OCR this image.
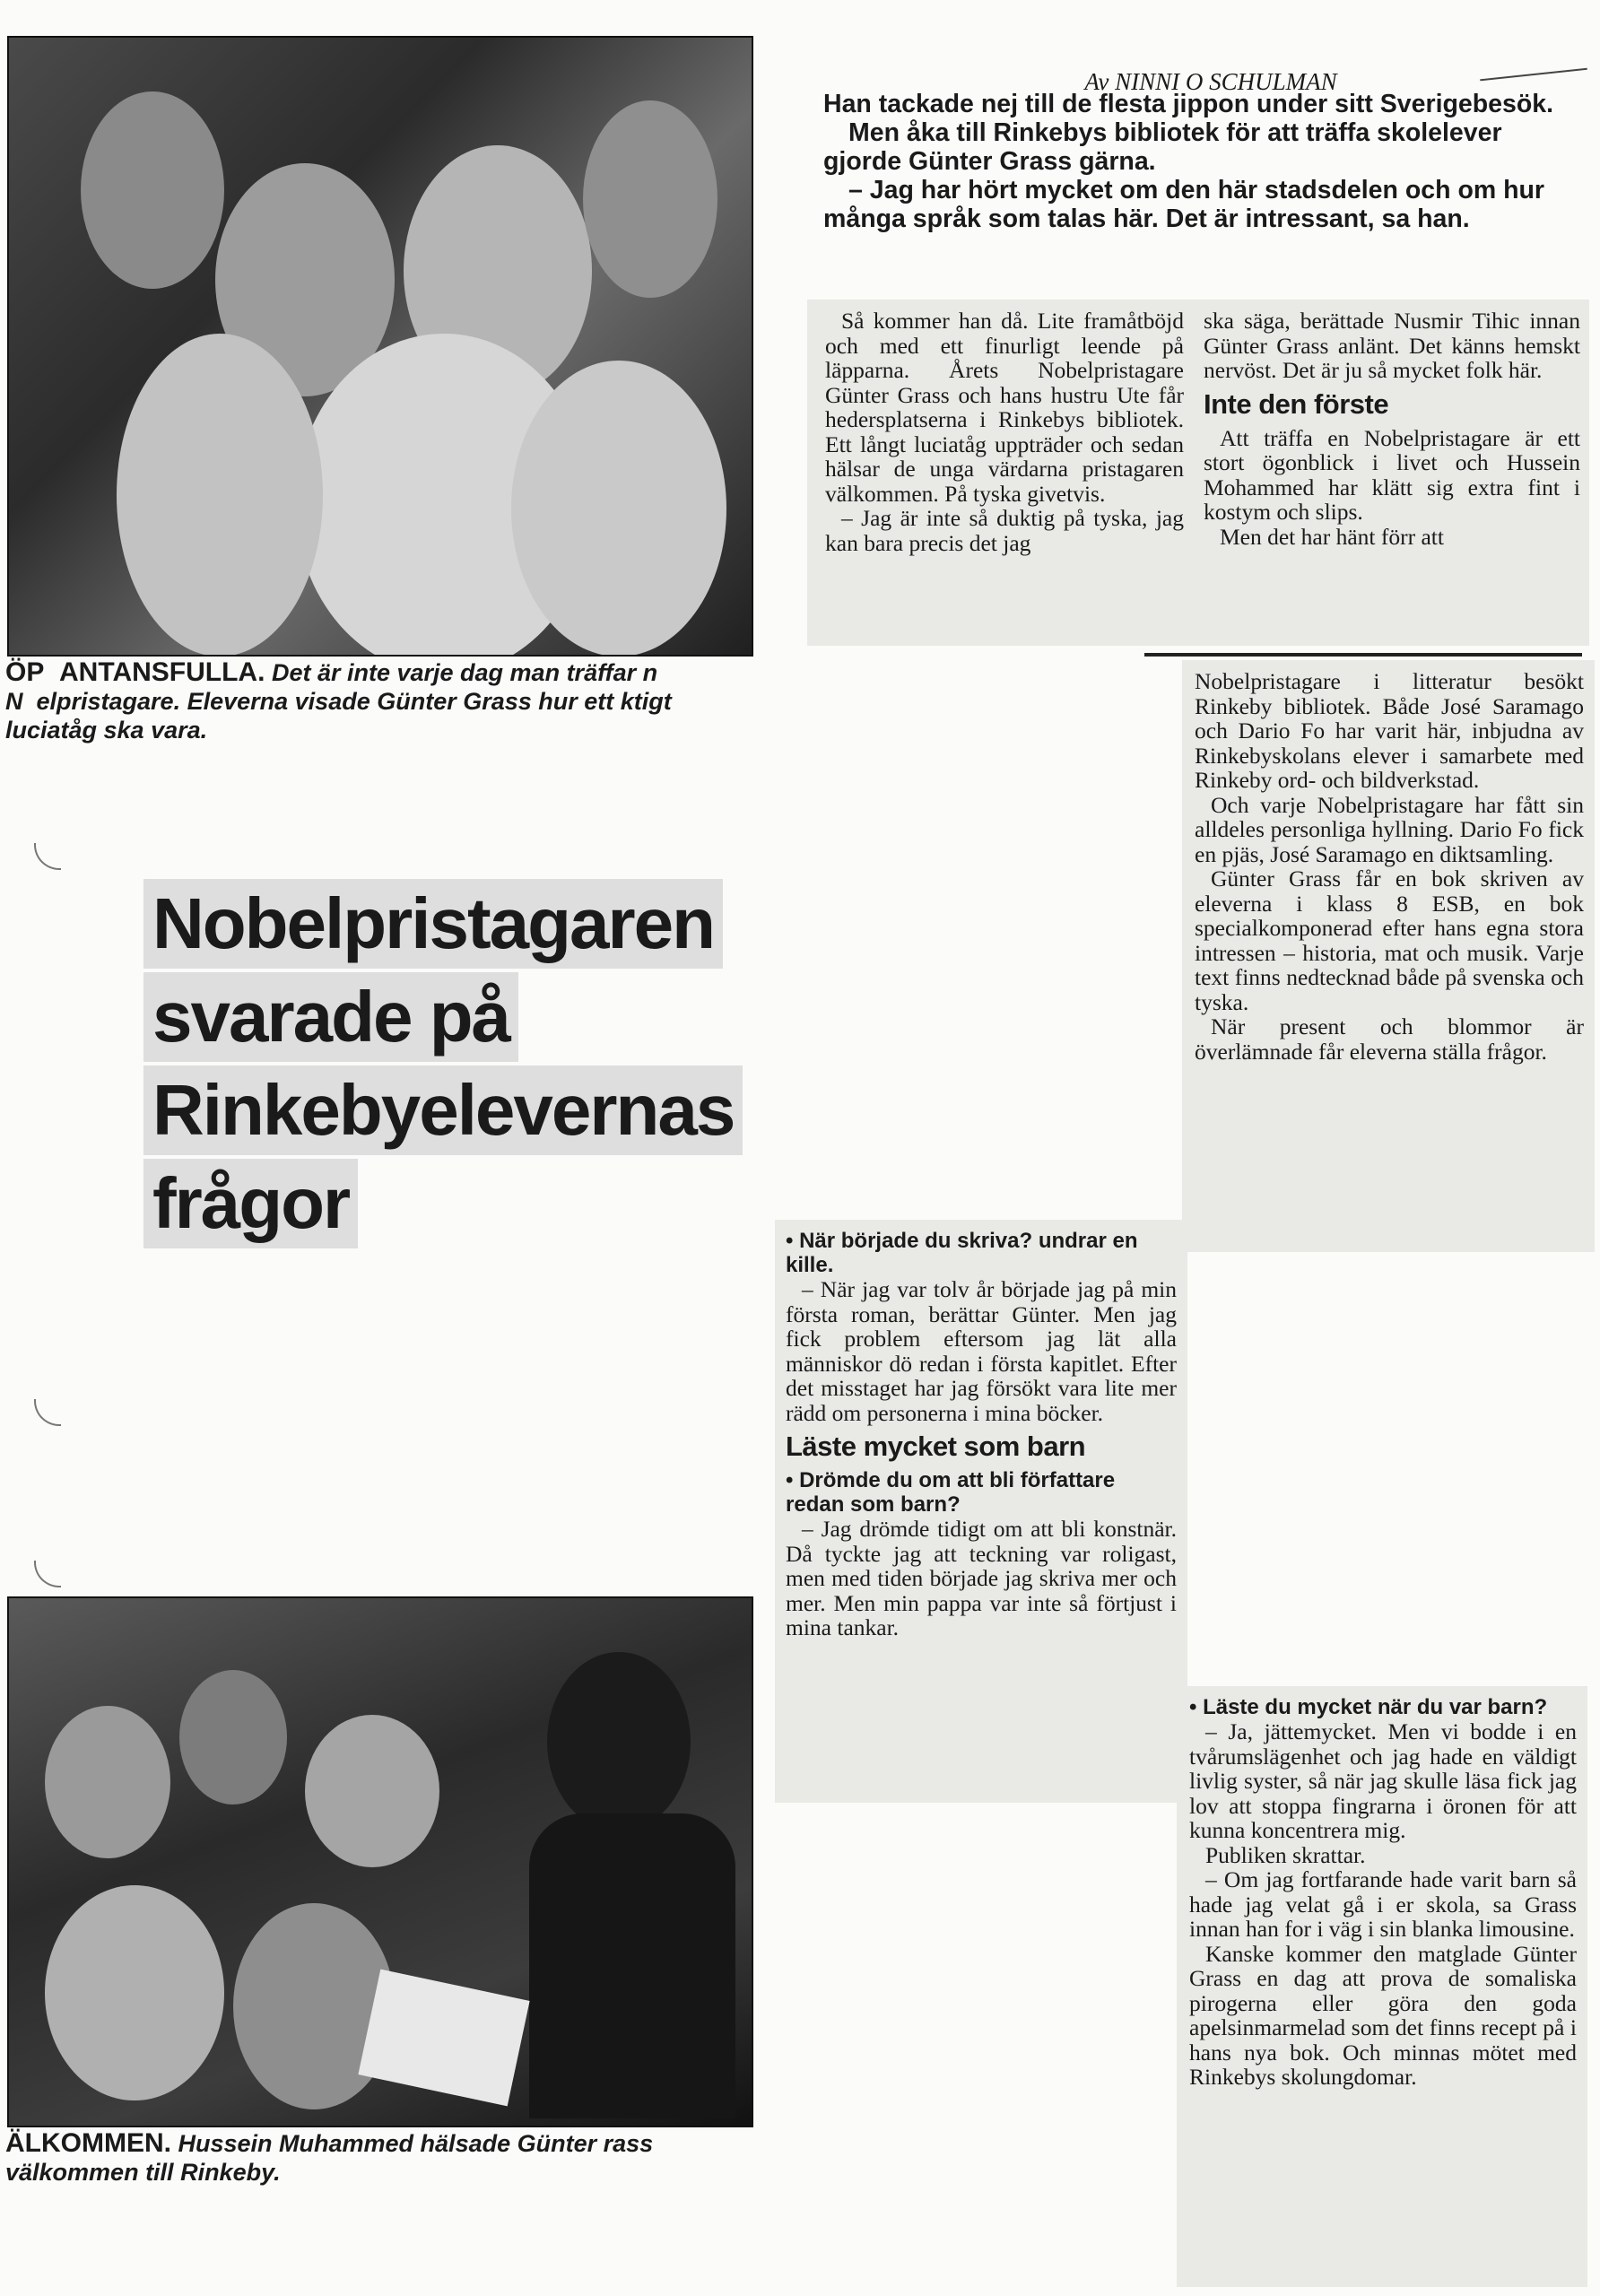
ÖP  ANTANSFULLA. Det är inte varje dag man träffar n N  elpristagare. Eleverna visade Günter Grass hur ett ktigt luciatåg ska vara.
Av NINNI O SCHULMAN
Han tackade nej till de flesta jippon under sitt Sverigebesök.
Men åka till Rinkebys bibliotek för att träffa skolelever gjorde Günter Grass gärna.
– Jag har hört mycket om den här stadsdelen och om hur många språk som talas här. Det är intressant, sa han.

Så kommer han då. Lite framåtböjd och med ett finurligt leende på läpparna. Årets Nobelpristagare Günter Grass och hans hustru Ute får hedersplatserna i Rinkebys bibliotek. Ett långt luciatåg uppträder och sedan hälsar de unga värdarna pristagaren välkommen. På tyska givetvis.

– Jag är inte så duktig på tyska, jag kan bara precis det jag

ska säga, berättade Nusmir Tihic innan Günter Grass anlänt. Det känns hemskt nervöst. Det är ju så mycket folk här.

Inte den förste

Att träffa en Nobelpristagare är ett stort ögonblick i livet och Hussein Mohammed har klätt sig extra fint i kostym och slips.

Men det har hänt förr att

Nobelpristagare i litteratur besökt Rinkeby bibliotek. Både José Saramago och Dario Fo har varit här, inbjudna av Rinkebyskolans elever i samarbete med Rinkeby ord- och bildverkstad.

Och varje Nobelpristagare har fått sin alldeles personliga hyllning. Dario Fo fick en pjäs, José Saramago en diktsamling.

Günter Grass får en bok skriven av eleverna i klass 8 ESB, en bok specialkomponerad efter hans egna stora intressen – historia, mat och musik. Varje text finns nedtecknad både på svenska och tyska.

När present och blommor är överlämnade får eleverna ställa frågor.

Nobelpristagaren
svarade på
Rinkebyelevernas
frågor	• När började du skriva? undrar en kille.

– När jag var tolv år började jag på min första roman, berättar Günter. Men jag fick problem eftersom jag lät alla människor dö redan i första kapitlet. Efter det misstaget har jag försökt vara lite mer rädd om personerna i mina böcker.

Läste mycket som barn
• Drömde du om att bli författare redan som barn?

– Jag drömde tidigt om att bli konstnär. Då tyckte jag att teckning var roligast, men med tiden började jag skriva mer och mer. Men min pappa var inte så förtjust i mina tankar.

• Läste du mycket när du var barn?

– Ja, jättemycket. Men vi bodde i en tvårumslägenhet och jag hade en väldigt livlig syster, så när jag skulle läsa fick jag lov att stoppa fingrarna i öronen för att kunna koncentrera mig.

Publiken skrattar.

– Om jag fortfarande hade varit barn så hade jag velat gå i er skola, sa Grass innan han for i väg i sin blanka limousine.

Kanske kommer den matglade Günter Grass en dag att prova de somaliska pirogerna eller göra den goda apelsinmarmelad som det finns recept på i hans nya bok. Och minnas mötet med Rinkebys skolungdomar.

ÄLKOMMEN. Hussein Muhammed hälsade Günter rass välkommen till Rinkeby.
